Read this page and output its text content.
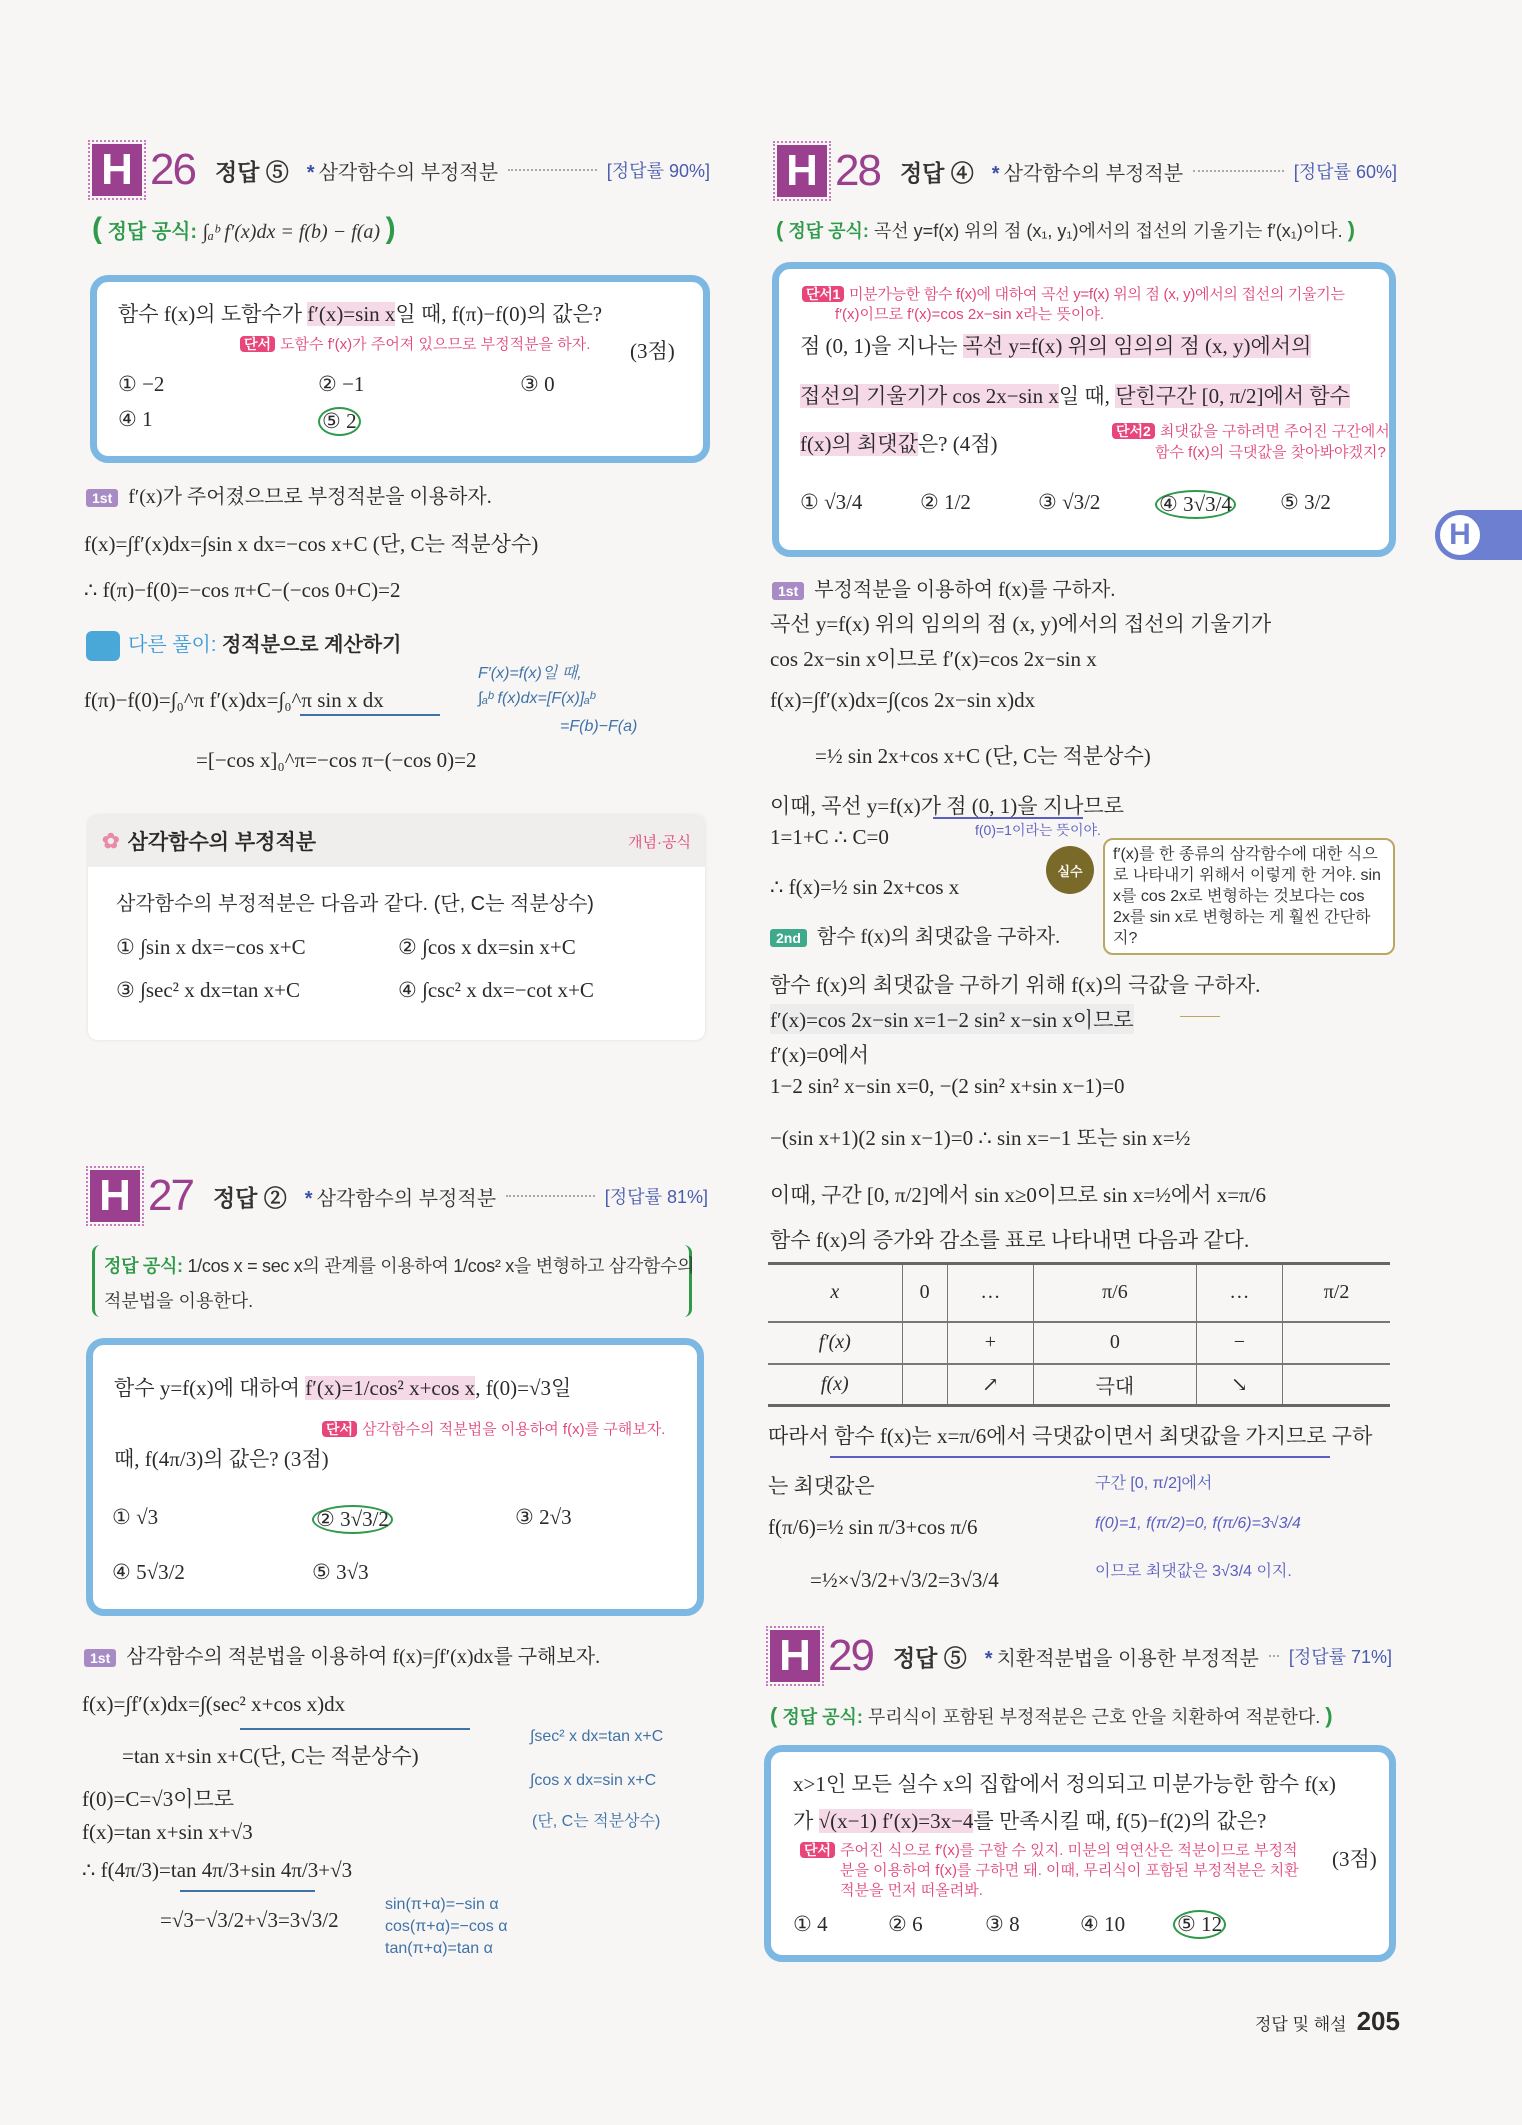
H
H 26 정답 ⑤ * 삼각함수의 부정적분	[정답률 90%]
( 정답 공식: ∫ₐᵇ f′(x)dx = f(b) − f(a) )
함수 f(x)의 도함수가 f′(x)=sin x일 때, f(π)−f(0)의 값은?
단서 도함수 f′(x)가 주어져 있으므로 부정적분을 하자. (3점)
① −2	② −1	③ 0
④ 1	⑤ 2
1st f′(x)가 주어졌으므로 부정적분을 이용하자.
f(x)=∫f′(x)dx=∫sin x dx=−cos x+C (단, C는 적분상수)
∴ f(π)−f(0)=−cos π+C−(−cos 0+C)=2
다른 풀이: 정적분으로 계산하기
F′(x)=f(x)일 때,
∫ₐᵇ f(x)dx=[F(x)]ₐᵇ
=F(b)−F(a)
f(π)−f(0)=∫₀^π f′(x)dx=∫₀^π sin x dx
=[−cos x]₀^π=−cos π−(−cos 0)=2
✿ 삼각함수의 부정적분	개념·공식
삼각함수의 부정적분은 다음과 같다. (단, C는 적분상수)
① ∫sin x dx=−cos x+C	② ∫cos x dx=sin x+C
③ ∫sec² x dx=tan x+C	④ ∫csc² x dx=−cot x+C
H 27 정답 ② * 삼각함수의 부정적분	[정답률 81%]
정답 공식: 1/cos x = sec x의 관계를 이용하여 1/cos² x을 변형하고 삼각함수의
적분법을 이용한다.
함수 y=f(x)에 대하여 f′(x)=1/cos² x+cos x, f(0)=√3일
단서 삼각함수의 적분법을 이용하여 f(x)를 구해보자.
때, f(4π/3)의 값은? (3점)
① √3	② 3√3/2	③ 2√3
④ 5√3/2	⑤ 3√3
1st 삼각함수의 적분법을 이용하여 f(x)=∫f′(x)dx를 구해보자.
f(x)=∫f′(x)dx=∫(sec² x+cos x)dx
=tan x+sin x+C(단, C는 적분상수)
f(0)=C=√3이므로
f(x)=tan x+sin x+√3
∴ f(4π/3)=tan 4π/3+sin 4π/3+√3
=√3−√3/2+√3=3√3/2
∫sec² x dx=tan x+C
∫cos x dx=sin x+C
(단, C는 적분상수)
sin(π+α)=−sin α
cos(π+α)=−cos α
tan(π+α)=tan α
H 28 정답 ④ * 삼각함수의 부정적분	[정답률 60%]
( 정답 공식: 곡선 y=f(x) 위의 점 (x₁, y₁)에서의 접선의 기울기는 f′(x₁)이다. )
단서1 미분가능한 함수 f(x)에 대하여 곡선 y=f(x) 위의 점 (x, y)에서의 접선의 기울기는
f′(x)이므로 f′(x)=cos 2x−sin x라는 뜻이야.
점 (0, 1)을 지나는 곡선 y=f(x) 위의 임의의 점 (x, y)에서의
접선의 기울기가 cos 2x−sin x일 때, 닫힌구간 [0, π/2]에서 함수
f(x)의 최댓값은? (4점)
단서2 최댓값을 구하려면 주어진 구간에서
함수 f(x)의 극댓값을 찾아봐야겠지?
① √3/4	② 1/2	③ √3/2	④ 3√3/4 ⑤ 3/2
1st 부정적분을 이용하여 f(x)를 구하자.
곡선 y=f(x) 위의 임의의 점 (x, y)에서의 접선의 기울기가
cos 2x−sin x이므로 f′(x)=cos 2x−sin x
f(x)=∫f′(x)dx=∫(cos 2x−sin x)dx
=½ sin 2x+cos x+C (단, C는 적분상수)
이때, 곡선 y=f(x)가 점 (0, 1)을 지나므로
f(0)=1이라는 뜻이야.
1=1+C ∴ C=0
∴ f(x)=½ sin 2x+cos x
실수
f′(x)를 한 종류의 삼각함수에 대한 식으로 나타내기 위해서 이렇게 한 거야. sin x를 cos 2x로 변형하는 것보다는 cos 2x를 sin x로 변형하는 게 훨씬 간단하지?
2nd 함수 f(x)의 최댓값을 구하자.
함수 f(x)의 최댓값을 구하기 위해 f(x)의 극값을 구하자.
f′(x)=cos 2x−sin x=1−2 sin² x−sin x이므로
f′(x)=0에서
1−2 sin² x−sin x=0, −(2 sin² x+sin x−1)=0
−(sin x+1)(2 sin x−1)=0 ∴ sin x=−1 또는 sin x=½
이때, 구간 [0, π/2]에서 sin x≥0이므로 sin x=½에서 x=π/6
함수 f(x)의 증가와 감소를 표로 나타내면 다음과 같다.
x	0	…	π/6	…	π/2
f′(x)		+	0	−	
f(x)		↗	극대	↘	
따라서 함수 f(x)는 x=π/6에서 극댓값이면서 최댓값을 가지므로 구하
는 최댓값은
f(π/6)=½ sin π/3+cos π/6
=½×√3/2+√3/2=3√3/4
구간 [0, π/2]에서
f(0)=1, f(π/2)=0, f(π/6)=3√3/4
이므로 최댓값은 3√3/4 이지.
H 29 정답 ⑤ * 치환적분법을 이용한 부정적분 [정답률 71%]
( 정답 공식: 무리식이 포함된 부정적분은 근호 안을 치환하여 적분한다. )
x>1인 모든 실수 x의 집합에서 정의되고 미분가능한 함수 f(x)
가 √(x−1) f′(x)=3x−4를 만족시킬 때, f(5)−f(2)의 값은?
단서 주어진 식으로 f′(x)를 구할 수 있지. 미분의 역연산은 적분이므로 부정적
분을 이용하여 f(x)를 구하면 돼. 이때, 무리식이 포함된 부정적분은 치환
적분을 먼저 떠올려봐.
(3점)
① 4	② 6	③ 8	④ 10 ⑤ 12
정답 및 해설 205
